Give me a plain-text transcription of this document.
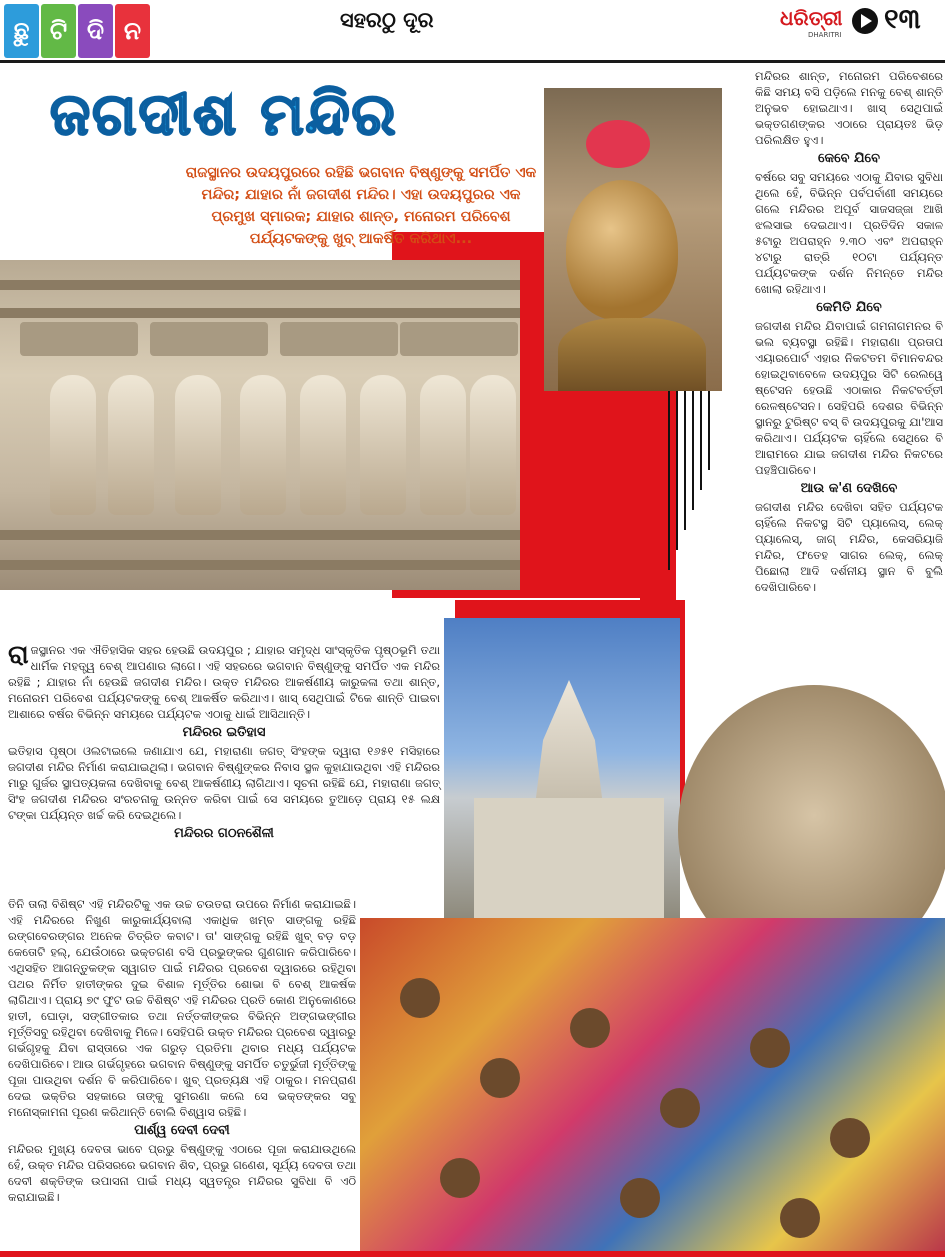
ଛୁ ଟି ଦି ନ	ସହରଠୁ ଦୂର	ଧରିତ୍ରୀ
DHARITRI ୧୩
ଜଗଦୀଶ ମନ୍ଦିର
ରାଜସ୍ଥାନର ଉଦୟପୁରରେ ରହିଛି ଭଗବାନ ବିଷ୍ଣୁଙ୍କୁ ସମର୍ପିତ ଏକ ମନ୍ଦିର; ଯାହାର ନାଁ ଜଗଦୀଶ ମନ୍ଦିର। ଏହା ଉଦୟପୁରର ଏକ ପ୍ରମୁଖ ସ୍ମାରକ; ଯାହାର ଶାନ୍ତ, ମନୋରମ ପରିବେଶ ପର୍ଯ୍ୟଟକଙ୍କୁ ଖୁବ୍ ଆକର୍ଷିତ କରିଥାଏ...

ମନ୍ଦିରର ଶାନ୍ତ, ମନୋରମ ପରିବେଶରେ କିଛି ସମୟ ବସି ପଡ଼ିଲେ ମନକୁ ବେଶ୍ ଶାନ୍ତି ଅନୁଭବ ହୋଇଥାଏ। ଖାସ୍ ସେଥିପାଇଁ ଭକ୍ତଗଣଙ୍କର ଏଠାରେ ପ୍ରାୟତଃ ଭିଡ଼ ପରିଲକ୍ଷିତ ହୁଏ।

କେବେ ଯିବେ

ବର୍ଷରେ ସବୁ ସମୟରେ ଏଠାକୁ ଯିବାର ସୁବିଧା ଥିଲେ ହେଁ, ବିଭିନ୍ନ ପର୍ବପର୍ବାଣୀ ସମୟରେ ଗଲେ ମନ୍ଦିରର ଅପୂର୍ବ ସାଜସଜ୍ଜା ଆଖି ଝଲସାଇ ଦେଇଥାଏ। ପ୍ରତିଦିନ ସକାଳ ୫ଟାରୁ ଅପରାହ୍ନ ୨.୩୦ ଏବଂ ଅପରାହ୍ନ ୪ଟାରୁ ରାତ୍ରି ୧୦ଟା ପର୍ଯ୍ୟନ୍ତ ପର୍ଯ୍ୟଟକଙ୍କ ଦର୍ଶନ ନିମନ୍ତେ ମନ୍ଦିର ଖୋଲା ରହିଥାଏ।

କେମିତି ଯିବେ

ଜଗଦୀଶ ମନ୍ଦିର ଯିବାପାଇଁ ଗମନାଗମନର ବି ଭଲ ବ୍ୟବସ୍ଥା ରହିଛି। ମହାରାଣା ପ୍ରତାପ ଏୟାରପୋର୍ଟ ଏହାର ନିକଟତମ ବିମାନବନ୍ଦର ହୋଇଥିବାବେଳେ ଉଦୟପୁର ସିଟି ରେଲୱେ ଷ୍ଟେସନ ହେଉଛି ଏଠାକାର ନିକଟବର୍ତ୍ତୀ ରେଳଷ୍ଟେସନ। ସେହିପରି ଦେଶର ବିଭିନ୍ନ ସ୍ଥାନରୁ ଟୁରିଷ୍ଟ ବସ୍ ବି ଉଦୟପୁରକୁ ଯା'ଆସ କରିଥାଏ। ପର୍ଯ୍ୟଟକ ଚାହିଁଲେ ସେଥିରେ ବି ଆରାମରେ ଯାଇ ଜଗଦୀଶ ମନ୍ଦିର ନିକଟରେ ପହଞ୍ଚିପାରିବେ।

ଆଉ କ'ଣ ଦେଖିବେ

ଜଗଦୀଶ ମନ୍ଦିର ଦେଖିବା ସହିତ ପର୍ଯ୍ୟଟକ ଚାହିଁଲେ ନିକଟସ୍ଥ ସିଟି ପ୍ୟାଲେସ୍, ଲେକ୍ ପ୍ୟାଲେସ୍, ଜାଗ୍ ମନ୍ଦିର, କେସରିୟାଜି ମନ୍ଦିର, ଫତେହ ସାଗର ଲେକ୍, ଲେକ୍ ପିଛୋଲା ଆଦି ଦର୍ଶନୀୟ ସ୍ଥାନ ବି ବୁଲି ଦେଖିପାରିବେ।

ରାଜସ୍ଥାନର ଏକ ଐତିହାସିକ ସହର ହେଉଛି ଉଦୟପୁର ; ଯାହାର ସମୃଦ୍ଧ ସାଂସ୍କୃତିକ ପୃଷ୍ଠଭୂମି ତଥା ଧାର୍ମିକ ମହତ୍ତ୍ୱ ବେଶ୍ ଆପଣାର ଲାଗେ। ଏହି ସହରରେ ଭଗବାନ ବିଷ୍ଣୁଙ୍କୁ ସମର୍ପିତ ଏକ ମନ୍ଦିର ରହିଛି ; ଯାହାର ନାଁ ହେଉଛି ଜଗଦୀଶ ମନ୍ଦିର। ଉକ୍ତ ମନ୍ଦିରର ଆକର୍ଷଣୀୟ କାରୁକଳା ତଥା ଶାନ୍ତ, ମନୋରମ ପରିବେଶ ପର୍ଯ୍ୟଟକଙ୍କୁ ବେଶ୍ ଆକର୍ଷିତ କରିଥାଏ। ଖାସ୍ ସେଥିପାଇଁ ଟିକେ ଶାନ୍ତି ପାଇବା ଆଶାରେ ବର୍ଷର ବିଭିନ୍ନ ସମୟରେ ପର୍ଯ୍ୟଟକ ଏଠାକୁ ଧାଇଁ ଆସିଥାନ୍ତି।

ମନ୍ଦିରର ଇତିହାସ

ଇତିହାସ ପୃଷ୍ଠା ଓଲଟାଇଲେ ଜଣାଯାଏ ଯେ, ମହାରାଣା ଜଗତ୍ ସିଂହଙ୍କ ଦ୍ୱାରା ୧୬୫୧ ମସିହାରେ ଜଗଦୀଶ ମନ୍ଦିର ନିର୍ମାଣ କରାଯାଇଥିଲା। ଭଗବାନ ବିଷ୍ଣୁଙ୍କର ନିବାସ ସ୍ଥଳ କୁହାଯାଉଥିବା ଏହି ମନ୍ଦିରର ମାରୁ ଗୁର୍ଜର ସ୍ଥାପତ୍ୟକଳା ଦେଖିବାକୁ ବେଶ୍ ଆକର୍ଷଣୀୟ ଲାଗିଥାଏ। ସୂଚନା ରହିଛି ଯେ, ମହାରାଣା ଜଗତ୍ ସିଂହ ଜଗଦୀଶ ମନ୍ଦିରର ସଂରଚନାକୁ ଉନ୍ନତ କରିବା ପାଇଁ ସେ ସମୟରେ ତୁଆଡ଼େ ପ୍ରାୟ ୧୫ ଲକ୍ଷ ଟଙ୍କା ପର୍ଯ୍ୟନ୍ତ ଖର୍ଚ୍ଚ କରି ଦେଇଥିଲେ।

ମନ୍ଦିରର ଗଠନଶୈଳୀ

ତିନି ତାଲା ବିଶିଷ୍ଟ ଏହି ମନ୍ଦିରଟିକୁ ଏକ ଉଚ୍ଚ ଚଉତରା ଉପରେ ନିର୍ମାଣ କରାଯାଇଛି। ଏହି ମନ୍ଦିରରେ ନିଖୁଣ କାରୁକାର୍ଯ୍ୟବାଲା ଏକାଧିକ ଖମ୍ବ ସାଙ୍ଗକୁ ରହିଛି ରଙ୍ଗବେରଙ୍ଗର ଅନେକ ଚିତ୍ରିତ କବାଟ। ତା' ସାଙ୍ଗକୁ ରହିଛି ଖୁବ୍ ବଡ଼ ବଡ଼ କେତୋଟି ହଲ୍, ଯେଉଁଠାରେ ଭକ୍ତଗଣ ବସି ପ୍ରଭୁଙ୍କର ଗୁଣଗାନ କରିପାରିବେ। ଏଥିସହିତ ଆଗନ୍ତୁକଙ୍କ ସ୍ୱାଗତ ପାଇଁ ମନ୍ଦିରର ପ୍ରବେଶ ଦ୍ୱାରରେ ରହିଥିବା ପଥର ନିର୍ମିତ ହାତୀଙ୍କର ଦୁଇ ବିଶାଳ ମୂର୍ତ୍ତିର ଶୋଭା ବି ବେଶ୍ ଆକର୍ଷକ ଲାଗିଥାଏ। ପ୍ରାୟ ୭୯ ଫୁଟ ଉଚ୍ଚ ବିଶିଷ୍ଟ ଏହି ମନ୍ଦିରର ପ୍ରତି କୋଣ ଅନୁକୋଣରେ ହାତୀ, ଘୋଡ଼ା, ସଙ୍ଗୀତକାର ତଥା ନର୍ତ୍ତକୀଙ୍କର ବିଭିନ୍ନ ଅଙ୍ଗଭଙ୍ଗୀର ମୂର୍ତ୍ତିସବୁ ରହିଥିବା ଦେଖିବାକୁ ମିଳେ। ସେହିପରି ଉକ୍ତ ମନ୍ଦିରର ପ୍ରବେଶ ଦ୍ୱାରରୁ ଗର୍ଭଗୃହକୁ ଯିବା ରାସ୍ତାରେ ଏକ ଗରୁଡ଼ ପ୍ରତିମା ଥିବାର ମଧ୍ୟ ପର୍ଯ୍ୟଟକ ଦେଖିପାରିବେ। ଆଉ ଗର୍ଭଗୃହରେ ଭଗବାନ ବିଷ୍ଣୁଙ୍କୁ ସମର୍ପିତ ଚତୁର୍ଭୁଜୀ ମୂର୍ତ୍ତିଙ୍କୁ ପୂଜା ପାଉଥିବା ଦର୍ଶନ ବି କରିପାରିବେ। ଖୁବ୍ ପ୍ରତ୍ୟକ୍ଷ ଏହି ଠାକୁର। ମନପ୍ରାଣ ଦେଇ ଭକ୍ତିର ସହକାରେ ତାଙ୍କୁ ସୁମରଣା କଲେ ସେ ଭକ୍ତଙ୍କର ସବୁ ମନୋସ୍କାମନା ପୂରଣ କରିଥାନ୍ତି ବୋଲି ବିଶ୍ୱାସ ରହିଛି।

ପାର୍ଶ୍ୱ ଦେବୀ ଦେବୀ

ମନ୍ଦିରର ମୁଖ୍ୟ ଦେବତା ଭାବେ ପ୍ରଭୁ ବିଷ୍ଣୁଙ୍କୁ ଏଠାରେ ପୂଜା କରାଯାଉଥିଲେ ହେଁ, ଉକ୍ତ ମନ୍ଦିର ପରିସରରେ ଭଗବାନ ଶିବ, ପ୍ରଭୁ ଗଣେଶ, ସୂର୍ଯ୍ୟ ଦେବତା ତଥା ଦେବୀ ଶକ୍ତିଙ୍କ ଉପାସନା ପାଇଁ ମଧ୍ୟ ସ୍ୱତନ୍ତ୍ର ମନ୍ଦିରର ସୁବିଧା ବି ଏଠି କରାଯାଇଛି।
